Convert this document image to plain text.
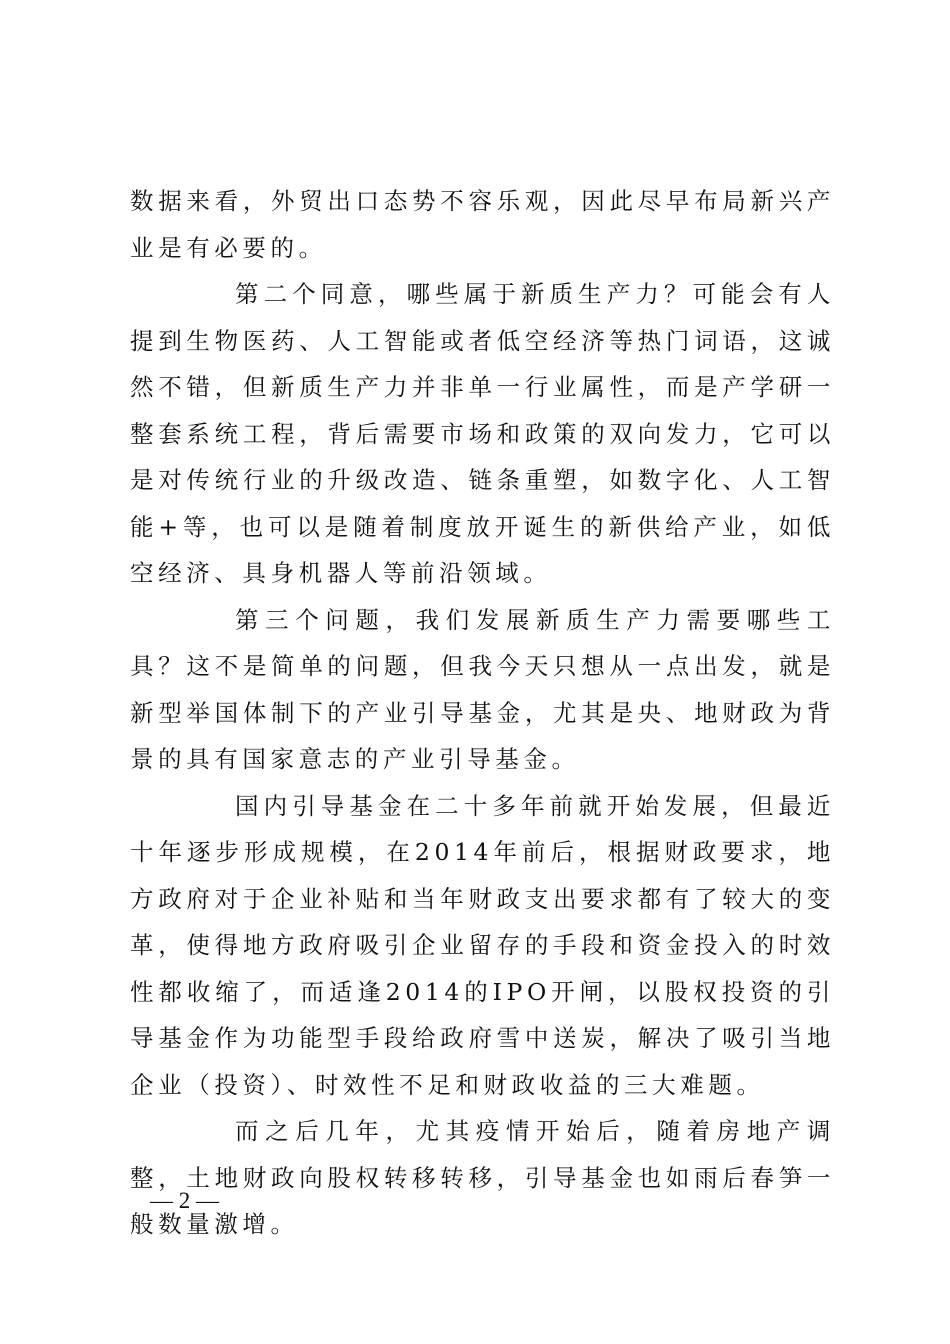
数据来看，外贸出口态势不容乐观，因此尽早布局新兴产业是有必要的。

第二个同意，哪些属于新质生产力？可能会有人提到生物医药、人工智能或者低空经济等热门词语，这诚然不错，但新质生产力并非单一行业属性，而是产学研一整套系统工程，背后需要市场和政策的双向发力，它可以是对传统行业的升级改造、链条重塑，如数字化、人工智能+等，也可以是随着制度放开诞生的新供给产业，如低空经济、具身机器人等前沿领域。

第三个问题，我们发展新质生产力需要哪些工具？这不是简单的问题，但我今天只想从一点出发，就是新型举国体制下的产业引导基金，尤其是央、地财政为背景的具有国家意志的产业引导基金。

国内引导基金在二十多年前就开始发展，但最近十年逐步形成规模，在2014年前后，根据财政要求，地方政府对于企业补贴和当年财政支出要求都有了较大的变革，使得地方政府吸引企业留存的手段和资金投入的时效性都收缩了，而适逢2014的IPO开闸，以股权投资的引导基金作为功能型手段给政府雪中送炭，解决了吸引当地企业（投资）、时效性不足和财政收益的三大难题。

而之后几年，尤其疫情开始后，随着房地产调整，土地财政向股权转移转移，引导基金也如雨后春笋一般数量激增。

— 2 —
